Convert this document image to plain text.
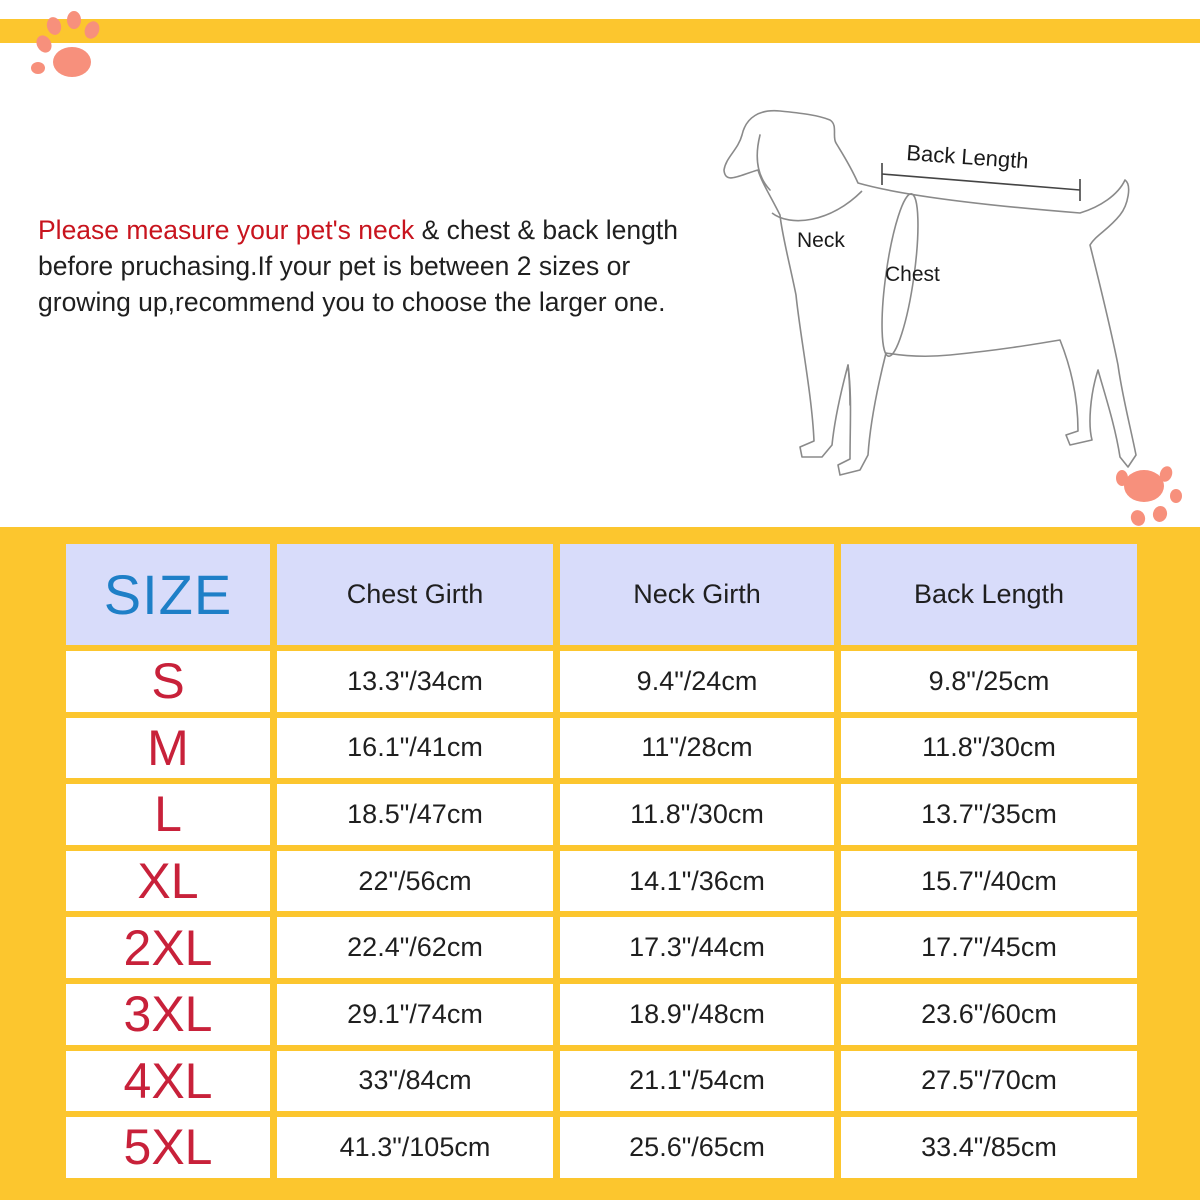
Please measure your pet's neck & chest & back length before pruchasing.If your pet is between 2 sizes or growing up,recommend you to choose the larger one.
Back Length
Neck
Chest
SIZE	Chest Girth	Neck Girth	Back Length
S	13.3"/34cm	9.4"/24cm	9.8"/25cm
M	16.1"/41cm	11"/28cm	11.8"/30cm
L	18.5"/47cm	11.8"/30cm	13.7"/35cm
XL	22"/56cm	14.1"/36cm	15.7"/40cm
2XL	22.4"/62cm	17.3"/44cm	17.7"/45cm
3XL	29.1"/74cm	18.9"/48cm	23.6"/60cm
4XL	33"/84cm	21.1"/54cm	27.5"/70cm
5XL	41.3"/105cm	25.6"/65cm	33.4"/85cm
